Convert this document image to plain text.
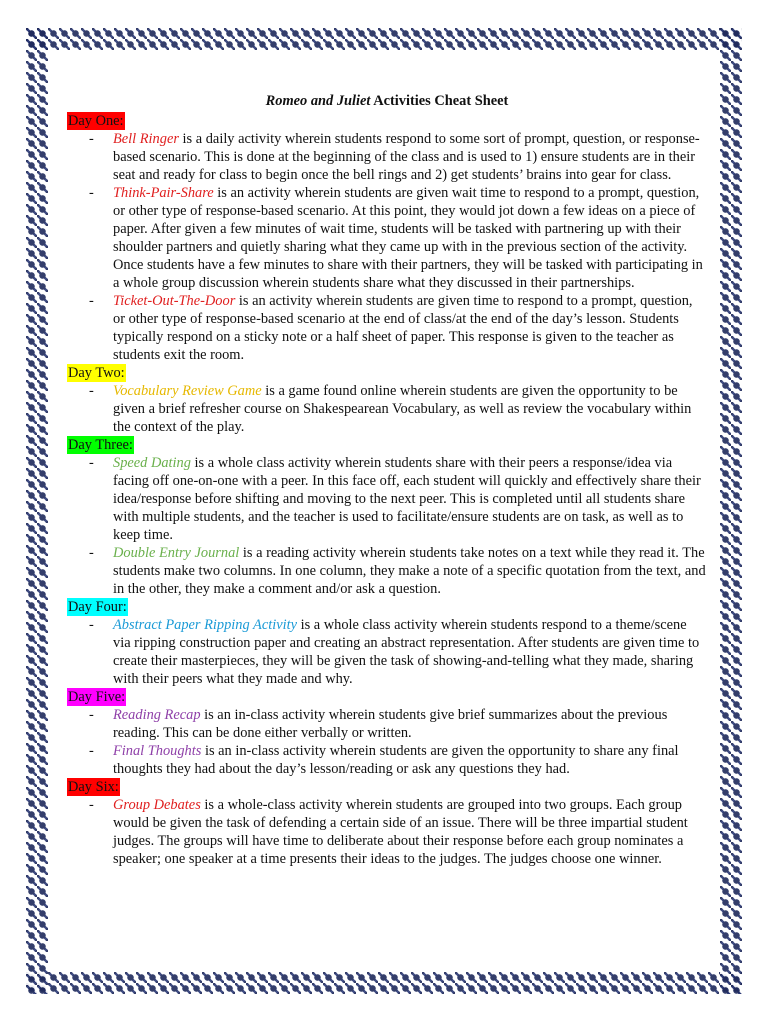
Romeo and Juliet Activities Cheat Sheet

Day One:
- Bell Ringer is a daily activity wherein students respond to some sort of prompt, question, or response-based scenario. This is done at the beginning of the class and is used to 1) ensure students are in their seat and ready for class to begin once the bell rings and 2) get students’ brains into gear for class.
- Think-Pair-Share is an activity wherein students are given wait time to respond to a prompt, question, or other type of response-based scenario. At this point, they would jot down a few ideas on a piece of paper. After given a few minutes of wait time, students will be tasked with partnering up with their shoulder partners and quietly sharing what they came up with in the previous section of the activity. Once students have a few minutes to share with their partners, they will be tasked with participating in a whole group discussion wherein students share what they discussed in their partnerships.
- Ticket-Out-The-Door is an activity wherein students are given time to respond to a prompt, question, or other type of response-based scenario at the end of class/at the end of the day’s lesson. Students typically respond on a sticky note or a half sheet of paper. This response is given to the teacher as students exit the room.
Day Two:
- Vocabulary Review Game is a game found online wherein students are given the opportunity to be given a brief refresher course on Shakespearean Vocabulary, as well as review the vocabulary within the context of the play.
Day Three:
- Speed Dating is a whole class activity wherein students share with their peers a response/idea via facing off one-on-one with a peer. In this face off, each student will quickly and effectively share their idea/response before shifting and moving to the next peer. This is completed until all students share with multiple students, and the teacher is used to facilitate/ensure students are on task, as well as to keep time.
- Double Entry Journal is a reading activity wherein students take notes on a text while they read it. The students make two columns. In one column, they make a note of a specific quotation from the text, and in the other, they make a comment and/or ask a question.
Day Four:
- Abstract Paper Ripping Activity is a whole class activity wherein students respond to a theme/scene via ripping construction paper and creating an abstract representation. After students are given time to create their masterpieces, they will be given the task of showing-and-telling what they made, sharing with their peers what they made and why.
Day Five:
- Reading Recap is an in-class activity wherein students give brief summarizes about the previous reading. This can be done either verbally or written.
- Final Thoughts is an in-class activity wherein students are given the opportunity to share any final thoughts they had about the day’s lesson/reading or ask any questions they had.
Day Six:
- Group Debates is a whole-class activity wherein students are grouped into two groups. Each group would be given the task of defending a certain side of an issue. There will be three impartial student judges. The groups will have time to deliberate about their response before each group nominates a speaker; one speaker at a time presents their ideas to the judges. The judges choose one winner.
